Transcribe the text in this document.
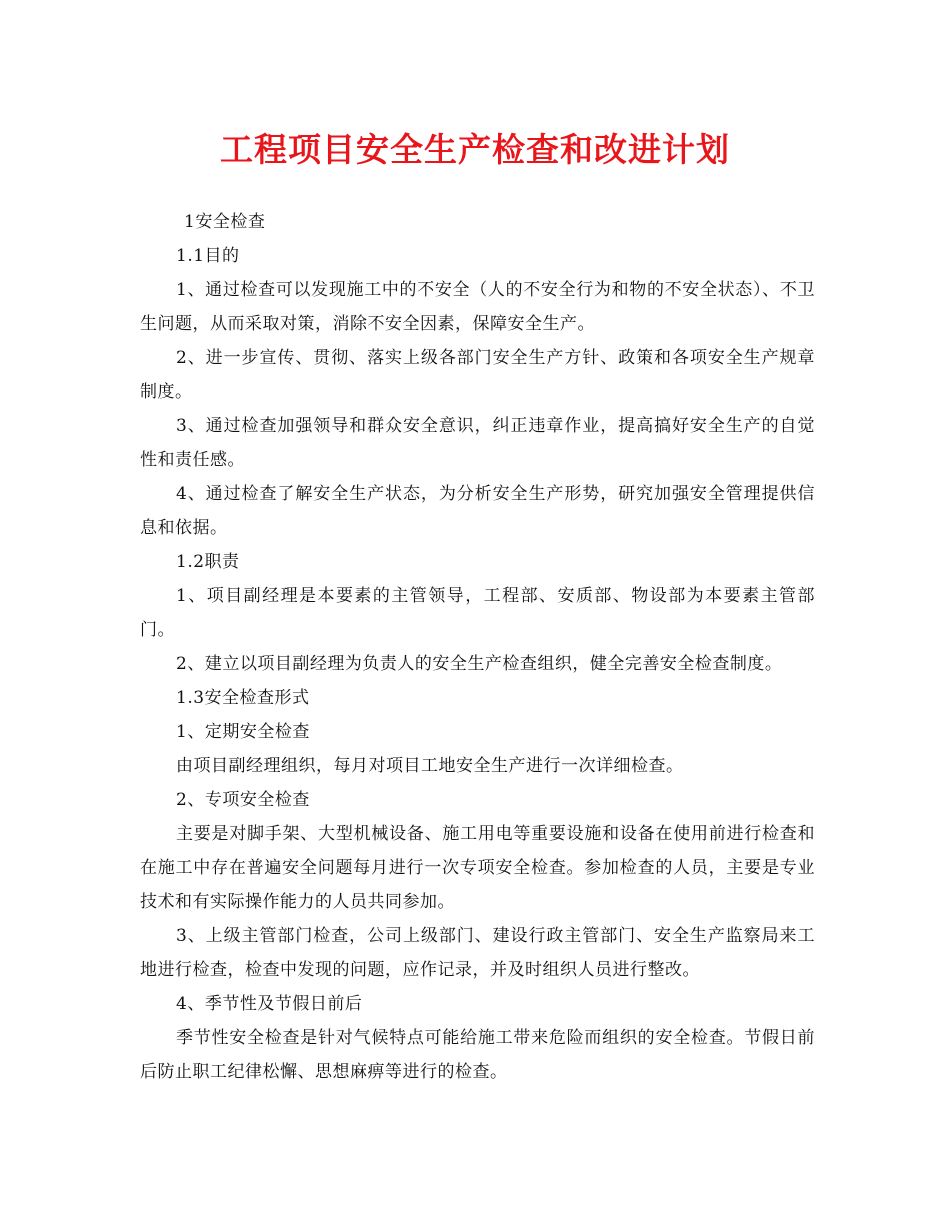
工程项目安全生产检查和改进计划

1安全检查

1.1目的

1、通过检查可以发现施工中的不安全（人的不安全行为和物的不安全状态）、不卫生问题，从而采取对策，消除不安全因素，保障安全生产。

2、进一步宣传、贯彻、落实上级各部门安全生产方针、政策和各项安全生产规章制度。

3、通过检查加强领导和群众安全意识，纠正违章作业，提高搞好安全生产的自觉性和责任感。

4、通过检查了解安全生产状态，为分析安全生产形势，研究加强安全管理提供信息和依据。

1.2职责

1、项目副经理是本要素的主管领导，工程部、安质部、物设部为本要素主管部门。

2、建立以项目副经理为负责人的安全生产检查组织，健全完善安全检查制度。

1.3安全检查形式

1、定期安全检查

由项目副经理组织，每月对项目工地安全生产进行一次详细检查。

2、专项安全检查

主要是对脚手架、大型机械设备、施工用电等重要设施和设备在使用前进行检查和在施工中存在普遍安全问题每月进行一次专项安全检查。参加检查的人员，主要是专业技术和有实际操作能力的人员共同参加。

3、上级主管部门检查，公司上级部门、建设行政主管部门、安全生产监察局来工地进行检查，检查中发现的问题，应作记录，并及时组织人员进行整改。

4、季节性及节假日前后

季节性安全检查是针对气候特点可能给施工带来危险而组织的安全检查。节假日前后防止职工纪律松懈、思想麻痹等进行的检查。
